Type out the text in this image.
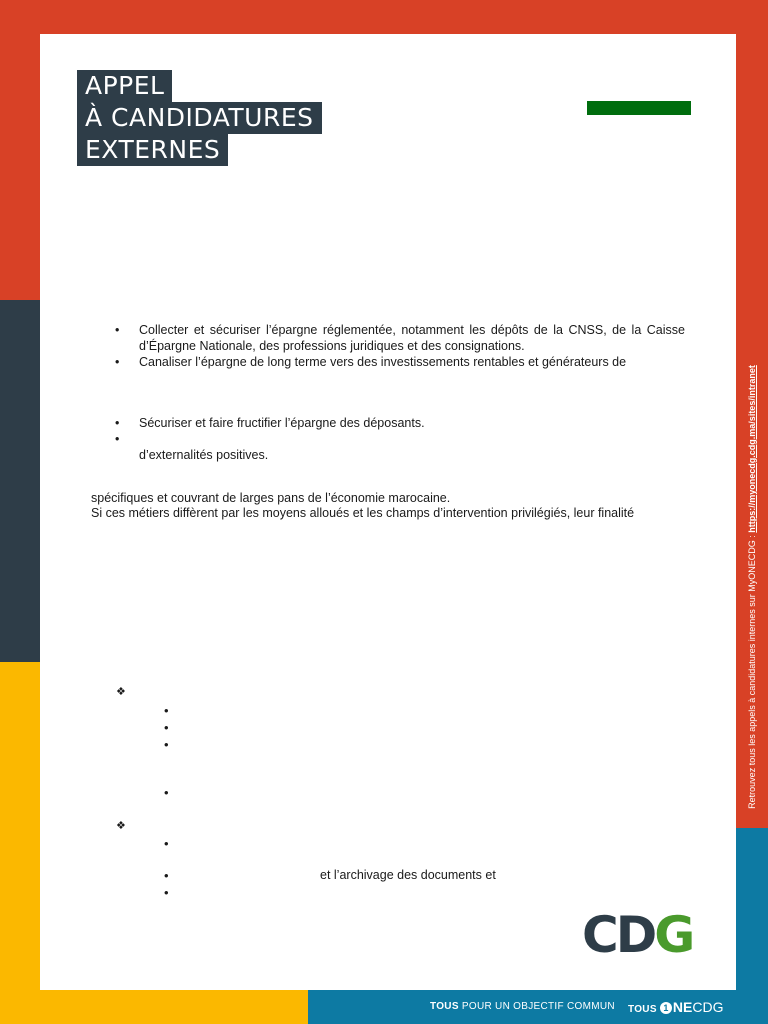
APPEL
À CANDIDATURES
EXTERNES
• Collecter et sécuriser l’épargne réglementée, notamment les dépôts de la CNSS, de la Caisse d’Épargne Nationale, des professions juridiques et des consignations.
• Canaliser l’épargne de long terme vers des investissements rentables et générateurs de
• Sécuriser et faire fructifier l’épargne des déposants.
d’externalités positives.
spécifiques et couvrant de larges pans de l’économie marocaine.
Si ces métiers diffèrent par les moyens alloués et les champs d’intervention privilégiés, leur finalité
❖
•
•
•
•
❖
•
•
•
et l’archivage des documents et
Retrouvez tous les appels à candidatures internes sur MyONECDG : https://myonecdg.cdg.ma/sites/intranet
CDG
TOUS POUR UN OBJECTIF COMMUN TOUS 1 NECDG
